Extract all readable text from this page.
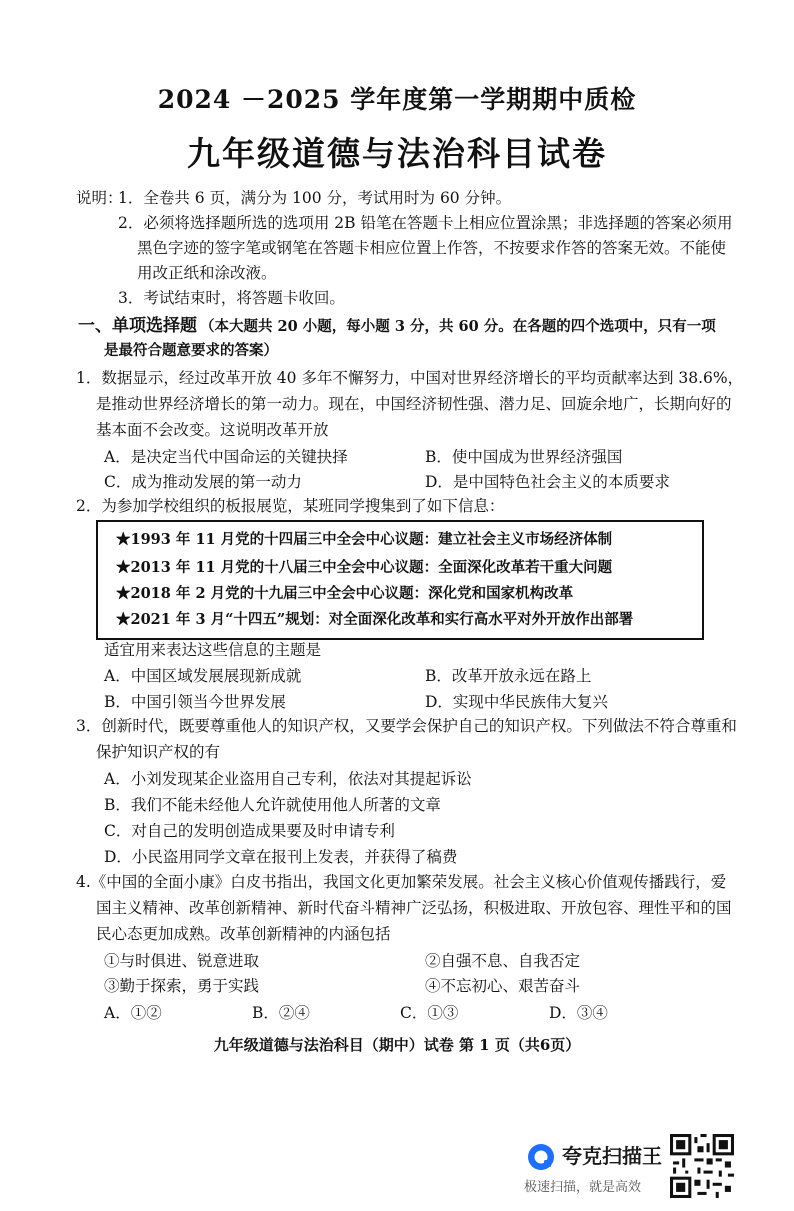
2024 －2025 学年度第一学期期中质检
九年级道德与法治科目试卷
说明：
1．全卷共 6 页，满分为 100 分，考试用时为 60 分钟。
2．必须将选择题所选的选项用 2B 铅笔在答题卡上相应位置涂黑；非选择题的答案必须用
黑色字迹的签字笔或钢笔在答题卡相应位置上作答，不按要求作答的答案无效。不能使
用改正纸和涂改液。
3．考试结束时，将答题卡收回。
一、单项选择题 （本大题共 20 小题，每小题 3 分，共 60 分。在各题的四个选项中，只有一项
是最符合题意要求的答案）
1．数据显示，经过改革开放 40 多年不懈努力，中国对世界经济增长的平均贡献率达到 38.6%，
是推动世界经济增长的第一动力。现在，中国经济韧性强、潜力足、回旋余地广，长期向好的
基本面不会改变。这说明改革开放
A．是决定当代中国命运的关键抉择	B．使中国成为世界经济强国
C．成为推动发展的第一动力	D．是中国特色社会主义的本质要求
2．为参加学校组织的板报展览，某班同学搜集到了如下信息：
★1993 年 11 月党的十四届三中全会中心议题：建立社会主义市场经济体制
★2013 年 11 月党的十八届三中全会中心议题：全面深化改革若干重大问题
★2018 年 2 月党的十九届三中全会中心议题：深化党和国家机构改革
★2021 年 3 月“十四五”规划：对全面深化改革和实行高水平对外开放作出部署
适宜用来表达这些信息的主题是
A．中国区域发展展现新成就	B．改革开放永远在路上
B．中国引领当今世界发展	D．实现中华民族伟大复兴
3．创新时代，既要尊重他人的知识产权，又要学会保护自己的知识产权。下列做法不符合尊重和
保护知识产权的有
A．小刘发现某企业盗用自己专利，依法对其提起诉讼
B．我们不能未经他人允许就使用他人所著的文章
C．对自己的发明创造成果要及时申请专利
D．小民盗用同学文章在报刊上发表，并获得了稿费
4.《中国的全面小康》白皮书指出，我国文化更加繁荣发展。社会主义核心价值观传播践行，爱
国主义精神、改革创新精神、新时代奋斗精神广泛弘扬，积极进取、开放包容、理性平和的国
民心态更加成熟。改革创新精神的内涵包括
①与时俱进、锐意进取	②自强不息、自我否定
③勤于探索，勇于实践	④不忘初心、艰苦奋斗
A．①②	B．②④	C．①③	D．③④
九年级道德与法治科目（期中）试卷 第 1 页（共6页）
夸克扫描王
极速扫描，就是高效
